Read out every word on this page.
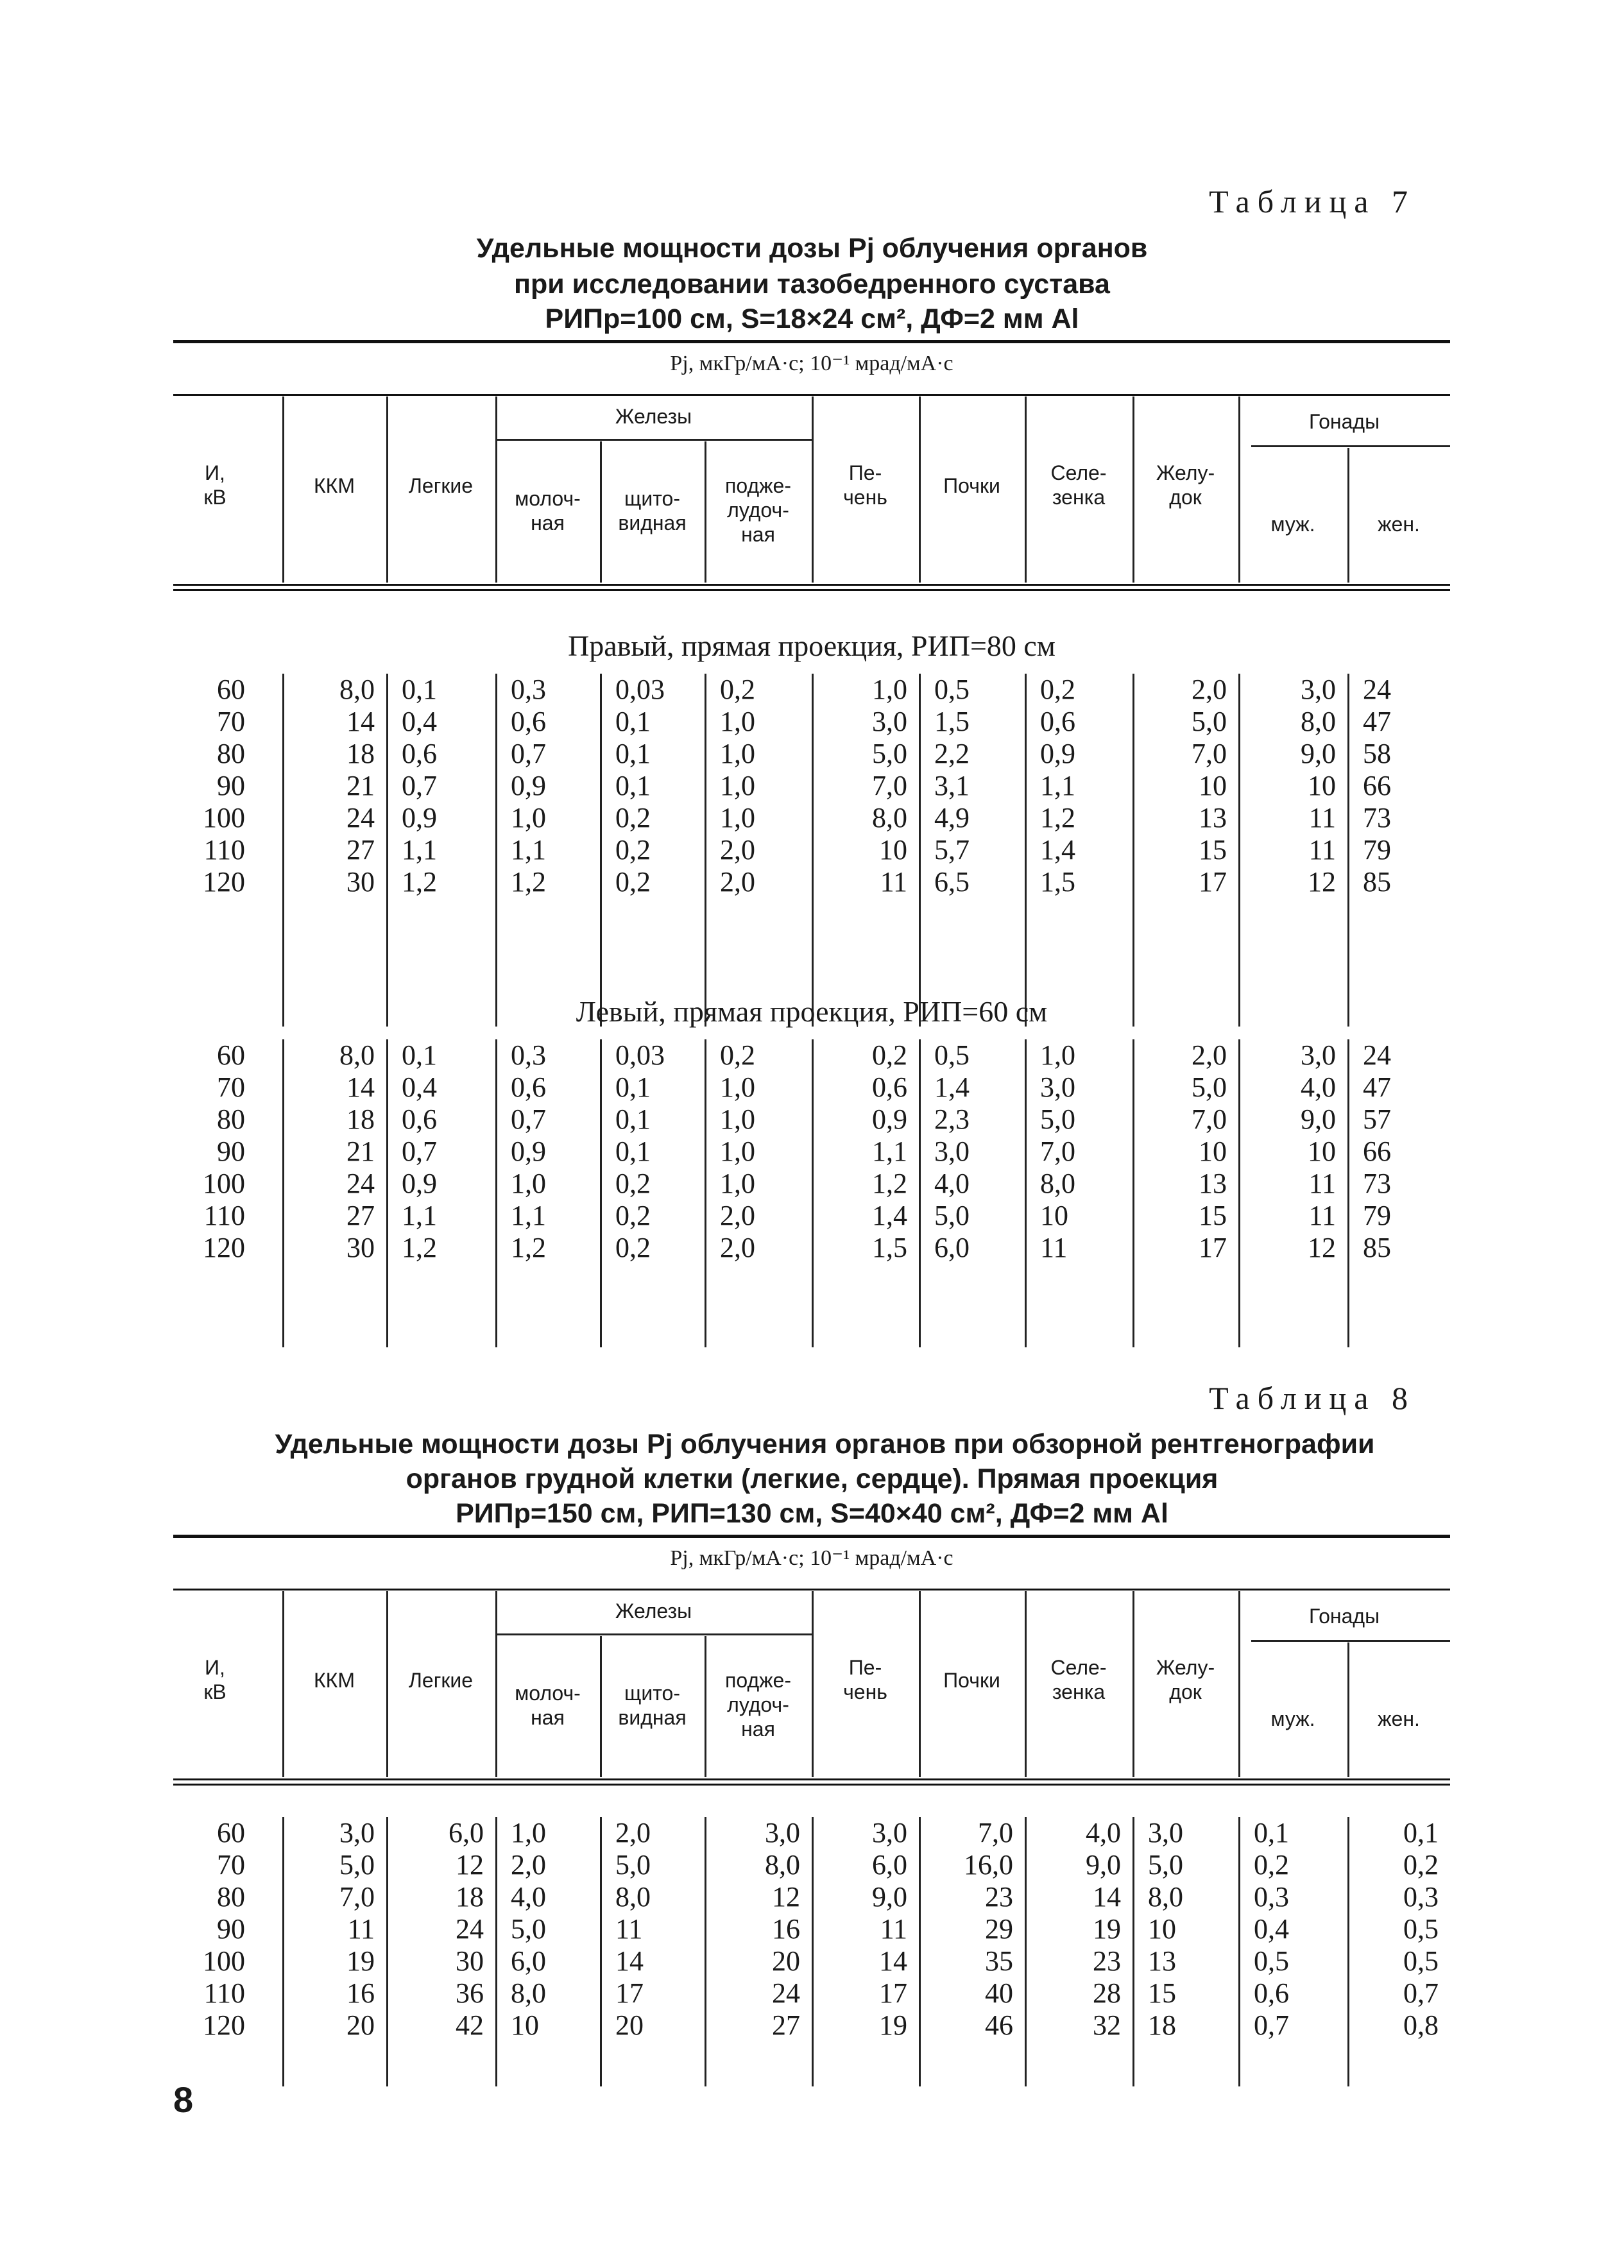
Таблица 7
Удельные мощности дозы Pj облучения органов
при исследовании тазобедренного сустава
РИПр=100 см, S=18×24 см², ДФ=2 мм Al
Pj, мкГр/мА·с; 10⁻¹ мрад/мА·с
И,
кВ	ККМ	Легкие
Железы
молоч-
ная
щито-
видная
поджe-
лудоч-
ная
Пе-
чень	Почки
Селе-
зенка
Желу-
док
Гонады
муж.	жен.
Правый, прямая проекция, РИП=80 см
60	8,0 0,1	0,3 0,03 0,2	1,0 0,5	0,2	2,0	3,0 24
70	14 0,4	0,6 0,1 1,0	3,0 1,5	0,6	5,0	8,0 47
80	18 0,6	0,7 0,1 1,0	5,0 2,2	0,9	7,0	9,0 58
90	21 0,7	0,9 0,1 1,0	7,0 3,1	1,1	10	10 66
100	24 0,9	1,0 0,2 1,0	8,0 4,9	1,2	13	11 73
110	27 1,1	1,1 0,2 2,0	10 5,7	1,4	15	11 79
120	30 1,2	1,2 0,2 2,0	11 6,5	1,5	17	12 85
Левый, прямая проекция, РИП=60 см
60	8,0 0,1	0,3 0,03 0,2	0,2 0,5	1,0	2,0	3,0 24
70	14 0,4	0,6 0,1 1,0	0,6 1,4	3,0	5,0	4,0 47
80	18 0,6	0,7 0,1 1,0	0,9 2,3	5,0	7,0	9,0 57
90	21 0,7	0,9 0,1 1,0	1,1 3,0	7,0	10	10 66
100	24 0,9	1,0 0,2 1,0	1,2 4,0	8,0	13	11 73
110	27 1,1	1,1 0,2 2,0	1,4 5,0	10	15	11 79
120	30 1,2	1,2 0,2 2,0	1,5 6,0	11	17	12 85
Таблица 8
Удельные мощности дозы Pj облучения органов при обзорной рентгенографии
органов грудной клетки (легкие, сердце). Прямая проекция
РИПр=150 см, РИП=130 см, S=40×40 см², ДФ=2 мм Al
Pj, мкГр/мА·с; 10⁻¹ мрад/мА·с
И,
кВ	ККМ	Легкие
Железы
молоч-
ная
щито-
видная
поджe-
лудоч-
ная
Пе-
чень	Почки
Селе-
зенка
Желу-
док
Гонады
муж.	жен.
60	3,0	6,0 1,0 2,0	3,0	3,0	7,0	4,0 3,0	0,1	0,1
70	5,0	12 2,0 5,0	8,0	6,0	16,0	9,0 5,0	0,2	0,2
80	7,0	18 4,0 8,0	12	9,0	23	14 8,0	0,3	0,3
90	11	24 5,0 11	16	11	29	19 10	0,4	0,5
100	19	30 6,0 14	20	14	35	23 13	0,5	0,5
110	16	36 8,0 17	24	17	40	28 15	0,6	0,7
120	20	42 10	20	27	19	46	32 18	0,7	0,8
8
